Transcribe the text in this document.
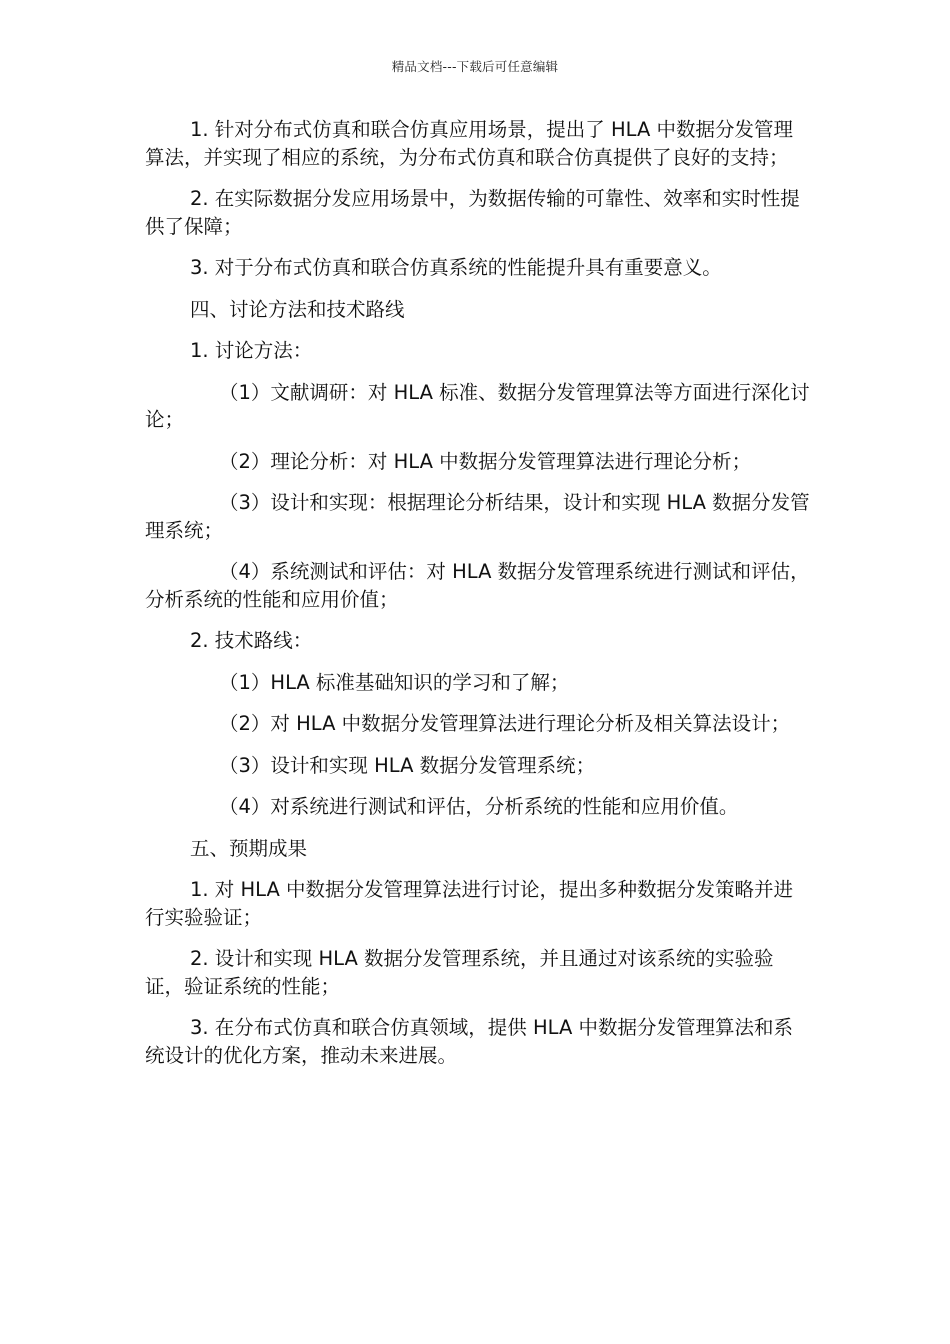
精品文档---下载后可任意编辑

1. 针对分布式仿真和联合仿真应用场景，提出了 HLA 中数据分发管理算法，并实现了相应的系统，为分布式仿真和联合仿真提供了良好的支持；

2. 在实际数据分发应用场景中，为数据传输的可靠性、效率和实时性提供了保障；

3. 对于分布式仿真和联合仿真系统的性能提升具有重要意义。

四、讨论方法和技术路线

1. 讨论方法：

（1）文献调研：对 HLA 标准、数据分发管理算法等方面进行深化讨论；

（2）理论分析：对 HLA 中数据分发管理算法进行理论分析；

（3）设计和实现：根据理论分析结果，设计和实现 HLA 数据分发管理系统；

（4）系统测试和评估：对 HLA 数据分发管理系统进行测试和评估，分析系统的性能和应用价值；

2. 技术路线：

（1）HLA 标准基础知识的学习和了解；

（2）对 HLA 中数据分发管理算法进行理论分析及相关算法设计；

（3）设计和实现 HLA 数据分发管理系统；

（4）对系统进行测试和评估，分析系统的性能和应用价值。

五、预期成果

1. 对 HLA 中数据分发管理算法进行讨论，提出多种数据分发策略并进行实验验证；

2. 设计和实现 HLA 数据分发管理系统，并且通过对该系统的实验验证，验证系统的性能；

3. 在分布式仿真和联合仿真领域，提供 HLA 中数据分发管理算法和系统设计的优化方案，推动未来进展。
